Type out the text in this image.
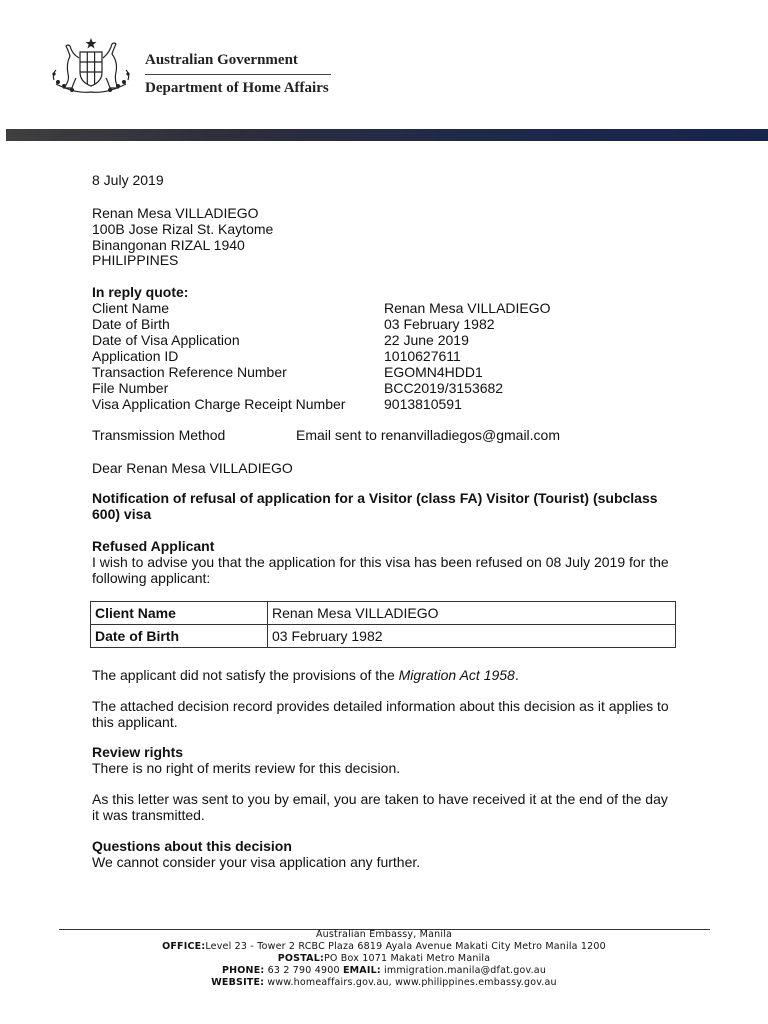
Australian Government
Department of Home Affairs
8 July 2019
Renan Mesa VILLADIEGO
100B Jose Rizal St. Kaytome
Binangonan RIZAL 1940
PHILIPPINES
In reply quote:
Client Name	Renan Mesa VILLADIEGO
Date of Birth	03 February 1982
Date of Visa Application	22 June 2019
Application ID	1010627611
Transaction Reference Number	EGOMN4HDD1
File Number	BCC2019/3153682
Visa Application Charge Receipt Number	9013810591
Transmission Method	Email sent to renanvilladiegos@gmail.com
Dear Renan Mesa VILLADIEGO
Notification of refusal of application for a Visitor (class FA) Visitor (Tourist) (subclass
600) visa
Refused Applicant
I wish to advise you that the application for this visa has been refused on 08 July 2019 for the
following applicant:
Client Name	Renan Mesa VILLADIEGO
Date of Birth	03 February 1982
The applicant did not satisfy the provisions of the Migration Act 1958.
The attached decision record provides detailed information about this decision as it applies to
this applicant.
Review rights
There is no right of merits review for this decision.
As this letter was sent to you by email, you are taken to have received it at the end of the day
it was transmitted.
Questions about this decision
We cannot consider your visa application any further.
Australian Embassy, Manila
OFFICE:Level 23 - Tower 2 RCBC Plaza 6819 Ayala Avenue Makati City Metro Manila 1200
POSTAL:PO Box 1071 Makati Metro Manila
PHONE: 63 2 790 4900 EMAIL: immigration.manila@dfat.gov.au
WEBSITE: www.homeaffairs.gov.au, www.philippines.embassy.gov.au
